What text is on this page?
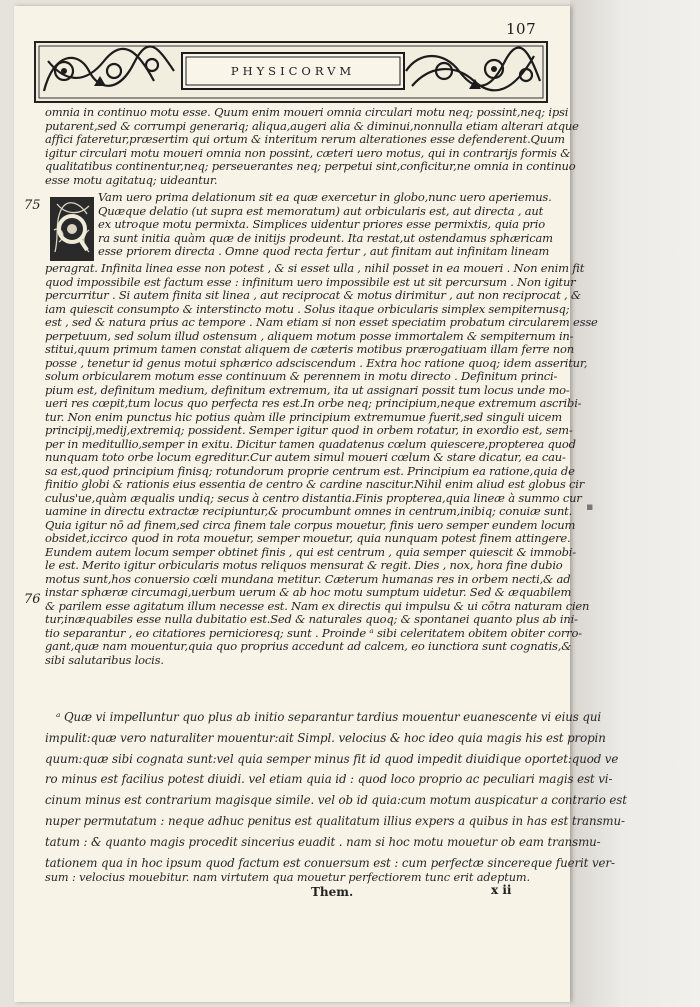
107
PHYSICORVM
omnia in continuo motu esse. Quum enim moueri omnia circulari motu neq; possint,neq; ipsi
putarent,sed & corrumpi generariq; aliqua,augeri alia & diminui,nonnulla etiam alterari atque
affici fateretur,præsertim qui ortum & interitum rerum alterationes esse defenderent.Quum
igitur circulari motu moueri omnia non possint, cæteri uero motus, qui in contrarijs formis &
qualitatibus continentur,neq; perseuerantes neq; perpetui sint,conficitur,ne omnia in continuo
esse motu agitatuq; uideantur.
75
Vam uero prima delationum sit ea quæ exercetur in globo,nunc uero aperiemus.
Quæque delatio (ut supra est memoratum) aut orbicularis est, aut directa , aut
ex utroque motu permixta. Simplices uidentur priores esse permixtis, quia prio
ra sunt initia quàm quæ de initijs prodeunt. Ita restat,ut ostendamus sphæricam
esse priorem directa . Omne quod recta fertur , aut finitam aut infinitam lineam
peragrat. Infinita linea esse non potest , & si esset ulla , nihil posset in ea moueri . Non enim fit
quod impossibile est factum esse : infinitum uero impossibile est ut sit percursum . Non igitur
percurritur . Si autem finita sit linea , aut reciprocat & motus dirimitur , aut non reciprocat , &
iam quiescit consumpto & interstincto motu . Solus itaque orbicularis simplex sempiternusq;
est , sed & natura prius ac tempore . Nam etiam si non esset speciatim probatum circularem esse
perpetuum, sed solum illud ostensum , aliquem motum posse immortalem & sempiternum in-
stitui,quum primum tamen constat aliquem de cæteris motibus prærogatiuam illam ferre non
posse , tenetur id genus motui sphærico adsciscendum . Extra hoc ratione quoq; idem asseritur,
solum orbicularem motum esse continuum & perennem in motu directo . Definitum princi-
pium est, definitum medium, definitum extremum, ita ut assignari possit tum locus unde mo-
ueri res cœpit,tum locus quo perfecta res est.In orbe neq; principium,neque extremum ascribi-
tur. Non enim punctus hic potius quàm ille principium extremumue fuerit,sed singuli uicem
principij,medij,extremiq; possident. Semper igitur quod in orbem rotatur, in exordio est, sem-
per in meditullio,semper in exitu. Dicitur tamen quadatenus cœlum quiescere,propterea quod
nunquam toto orbe locum egreditur.Cur autem simul moueri cœlum & stare dicatur, ea cau-
sa est,quod principium finisq; rotundorum proprie centrum est. Principium ea ratione,quia de
finitio globi & rationis eius essentia de centro & cardine nascitur.Nihil enim aliud est globus cir
culus'ue,quàm æqualis undiq; secus à centro distantia.Finis propterea,quia lineæ à summo cur
uamine in directu extractæ recipiuntur,& procumbunt omnes in centrum,inibiq; conuiæ sunt.
Quia igitur nō ad finem,sed circa finem tale corpus mouetur, finis uero semper eundem locum
obsidet,iccirco quod in rota mouetur, semper mouetur, quia nunquam potest finem attingere.
Eundem autem locum semper obtinet finis , qui est centrum , quia semper quiescit & immobi-
le est. Merito igitur orbicularis motus reliquos mensurat & regit. Dies , nox, hora fine dubio
motus sunt,hos conuersio cœli mundana metitur. Cæterum humanas res in orbem necti,& ad
instar sphæræ circumagi,uerbum uerum & ab hoc motu sumptum uidetur. Sed & æquabilem
& parilem esse agitatum illum necesse est. Nam ex directis qui impulsu & ui cōtra naturam cien
tur,inæquabiles esse nulla dubitatio est.Sed & naturales quoq; & spontanei quanto plus ab ini-
tio separantur , eo citatiores pernicioresq; sunt . Proinde ᵃ sibi celeritatem obitem obiter corro-
gant,quæ nam mouentur,quia quo proprius accedunt ad calcem, eo iunctiora sunt cognatis,&
sibi salutaribus locis.
76
ᵃ Quæ vi impelluntur quo plus ab initio separantur tardius mouentur euanescente vi eius qui
impulit:quæ vero naturaliter mouentur:ait Simpl. velocius & hoc ideo quia magis his est propin
quum:quæ sibi cognata sunt:vel quia semper minus fit id quod impedit diuidique oportet:quod ve
ro minus est facilius potest diuidi. vel etiam quia id : quod loco proprio ac peculiari magis est vi-
cinum minus est contrarium magisque simile. vel ob id quia:cum motum auspicatur a contrario est
nuper permutatum : neque adhuc penitus est qualitatum illius expers a quibus in has est transmu-
tatum : & quanto magis procedit sincerius euadit . nam si hoc motu mouetur ob eam transmu-
tationem qua in hoc ipsum quod factum est conuersum est : cum perfectæ sincereque fuerit ver-
Them.	x ii
sum : velocius mouebitur. nam virtutem qua mouetur perfectiorem tunc erit adeptum.
▪
